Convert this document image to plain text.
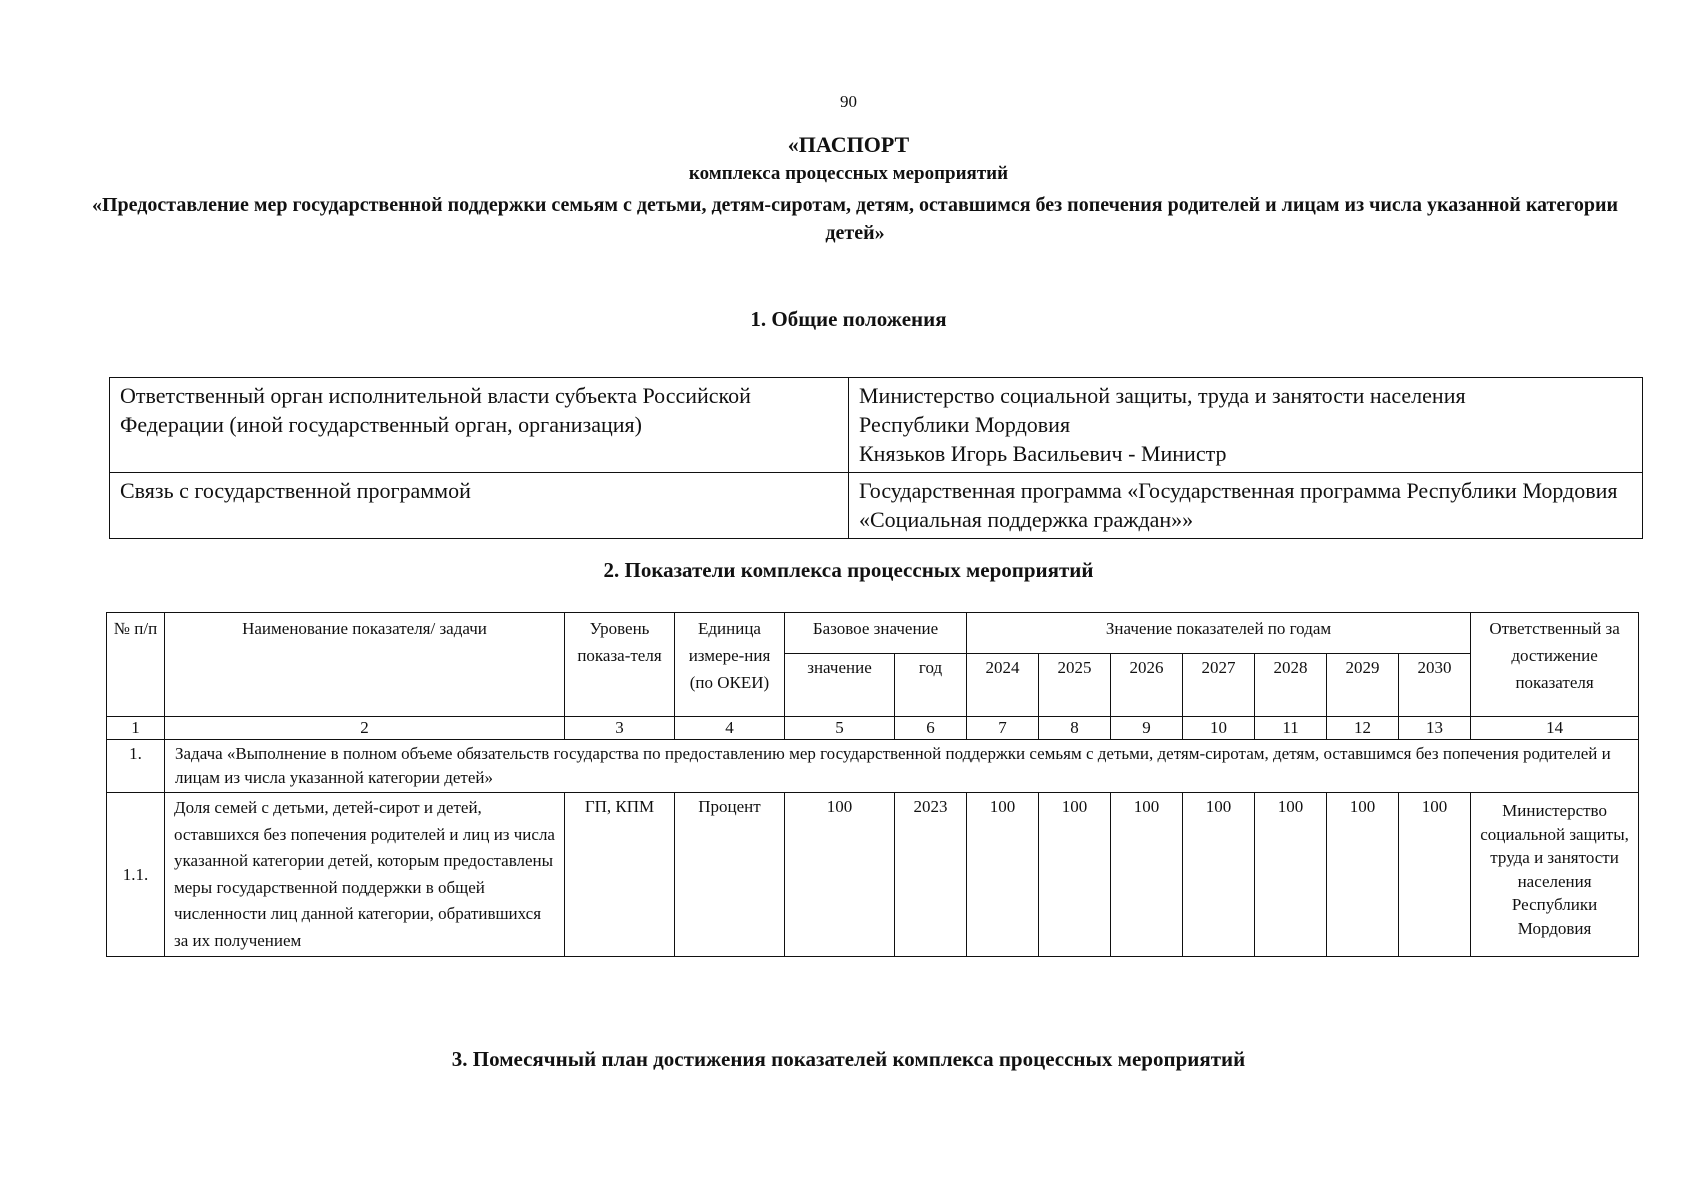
90
«ПАСПОРТ
комплекса процессных мероприятий
«Предоставление мер государственной поддержки семьям с детьми, детям-сиротам, детям, оставшимся без попечения родителей и лицам из числа указанной категории детей»
1. Общие положения
Ответственный орган исполнительной власти субъекта Российской Федерации (иной государственный орган, организация)	Министерство социальной защиты, труда и занятости населения
Республики Мордовия
Князьков Игорь Васильевич - Министр

Связь с государственной программой	Государственная программа «Государственная программа Республики Мордовия «Социальная поддержка граждан»»
2. Показатели комплекса процессных мероприятий
№ п/п	Наименование показателя/ задачи	Уровень показа-теля	Единица измере-ния (по ОКЕИ)	Базовое значение		Значение показателей по годам							Ответственный за достижение показателя
				значение	год	2024	2025	2026	2027	2028	2029	2030	
1	2	3	4	5	6	7	8	9	10	11	12	13	14
1.	Задача «Выполнение в полном объеме обязательств государства по предоставлению мер государственной поддержки семьям с детьми, детям-сиротам, детям, оставшимся без попечения родителей и лицам из числа указанной категории детей»												
1.1.	Доля семей с детьми, детей-сирот и детей, оставшихся без попечения родителей и лиц из числа указанной категории детей, которым предоставлены меры государственной поддержки в общей численности лиц данной категории, обратившихся за их получением	ГП, КПМ	Процент	100	2023	100	100	100	100	100	100	100	Министерство социальной защиты, труда и занятости населения Республики Мордовия
3. Помесячный план достижения показателей комплекса процессных мероприятий
